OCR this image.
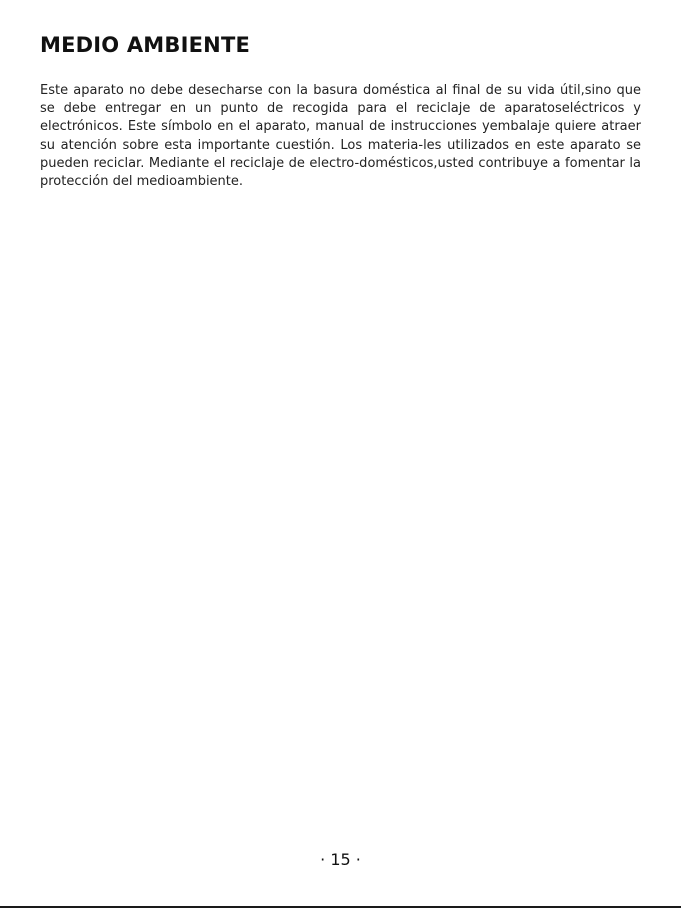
MEDIO AMBIENTE

Este aparato no debe desecharse con la basura doméstica al final de su vida útil,sino que se debe entregar en un punto de recogida para el reciclaje de aparatoseléctricos y electrónicos. Este símbolo en el aparato, manual de instrucciones yembalaje quiere atraer su atención sobre esta importante cuestión. Los materia-les utilizados en este aparato se pueden reciclar. Mediante el reciclaje de electro-domésticos,usted contribuye a fomentar la protección del medioambiente.

· 15 ·
